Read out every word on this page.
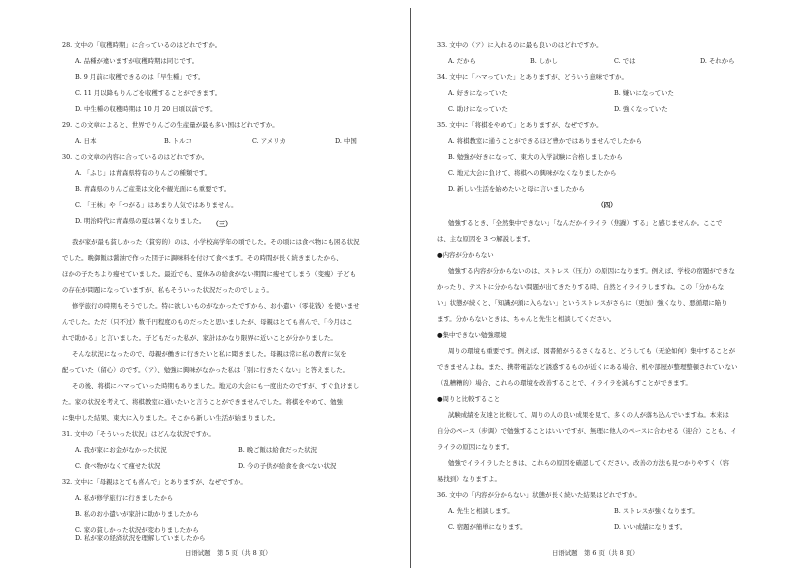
28. 文中の「収穫時期」に合っているのはどれですか。
A. 品種が違いますが収穫時期は同じです。
B. 9 月前に収穫できるのは「早生種」です。
C. 11 月以降もりんごを収穫することができます。
D. 中生種の収穫時期は 10 月 20 日頃以前です。
29. この文章によると、世界でりんごの生産量が最も多い国はどれですか。
A. 日本	B. トルコ	C. アメリカ	D. 中国
30. この文章の内容に合っているのはどれですか。
A. 「ふじ」は青森県特有のりんごの種類です。
B. 青森県のりんご産業は文化や観光面にも重要です。
C. 「王林」や「つがる」はあまり人気ではありません。
D. 明治時代に青森県の夏は暑くなりました。	（三）
我が家が最も貧しかった（貧穷的）のは、小学校高学年の頃でした。その頃には食べ物にも困る状況
でした。晩御飯は醤油で作った団子に調味料を付けて食べます。その時間が長く続きましたから、
ほかの子たちより痩せていました。最近でも、夏休みの給食がない期間に痩せてしまう（变瘦）子ども
の存在が問題になっていますが、私もそういった状況だったのでしょう。
修学旅行の時期もそうでした。特に欲しいものがなかったですから、お小遣い（零花钱）を使いませ
んでした。ただ（只不过）数千円程度のものだったと思いましたが、母親はとても喜んで、「今月はこ
れで助かる」と言いました。子どもだった私が、家計はかなり限界に近いことが分かりました。
そんな状況になったので、母親が働きに行きたいと私に聞きました。母親は常に私の教育に気を
配っていた（留心）のです。（ア）、勉強に興味がなかった私は「別に行きたくない」と答えました。
その後、将棋にハマっていった時期もありました。地元の大会にも一度出たのですが、すぐ負けまし
た。家の状況を考えて、将棋教室に通いたいと言うことができませんでした。将棋をやめて、勉強
に集中した結果、東大に入りました。そこから新しい生活が始まりました。
31. 文中の「そういった状況」はどんな状況ですか。
A. 我が家にお金がなかった状況	B. 晩ご飯は給食だった状況
C. 食べ物がなくて痩せた状況	D. 今の子供が給食を食べない状況
32. 文中に「母親はとても喜んで」とありますが、なぜですか。
A. 私が修学旅行に行きましたから
B. 私のお小遣いが家計に助かりましたから
C. 家の貧しかった状況が変わりましたから
D. 私が家の経済状況を理解していましたから
日语试题　第 5 页（共 8 页）
33. 文中の（ア）に入れるのに最も良いのはどれですか。
A. だから	B. しかし	C. では	D. それから
34. 文中に「ハマっていた」とありますが、どういう意味ですか。
A. 好きになっていた	B. 嫌いになっていた
C. 助けになっていた	D. 強くなっていた
35. 文中に「将棋をやめて」とありますが、なぜですか。
A. 将棋教室に通うことができるほど豊かではありませんでしたから
B. 勉強が好きになって、東大の入学試験に合格しましたから
C. 地元大会に負けて、将棋への興味がなくなりましたから
D. 新しい生活を始めたいと母に言いましたから
（四）
勉強するとき、「全然集中できない」「なんだかイライラ（焦躁）する」と感じませんか。ここで
は、主な原因を 3 つ解説します。
●内容が分からない
勉強する内容が分からないのは、ストレス（压力）の原因になります。例えば、学校の宿題ができな
かったり、テストに分からない問題が出てきたりする時、自然とイライラしますね。この「分からな
い」状態が続くと、「知識が頭に入らない」というストレスがさらに（更加）強くなり、悪循環に陥り
ます。分からないときは、ちゃんと先生と相談してください。
●集中できない勉強環境
周りの環境も重要です。例えば、図書館がうるさくなると、どうしても（无论如何）集中することが
できませんよね。また、携帯電話など誘惑するものが近くにある場合、机や部屋が整理整頓されていない
（乱糟糟的）場合、これらの環境を改善することで、イライラを減らすことができます。
●周りと比較すること
試験成績を友達と比較して、周りの人の良い成果を見て、多くの人が落ち込んでいますね。本来は
自分のペース（步调）で勉強することはいいですが、無理に他人のペースに合わせる（迎合）ことも、イ
ライラの原因になります。
勉強でイライラしたときは、これらの原因を確認してください。改善の方法も見つかりやすく（容
易找到）なりますよ。
36. 文中の「内容が分からない」状態が長く続いた結果はどれですか。
A. 先生と相談します。	B. ストレスが強くなります。
C. 宿題が簡単になります。	D. いい成績になります。
日语试题　第 6 页（共 8 页）
